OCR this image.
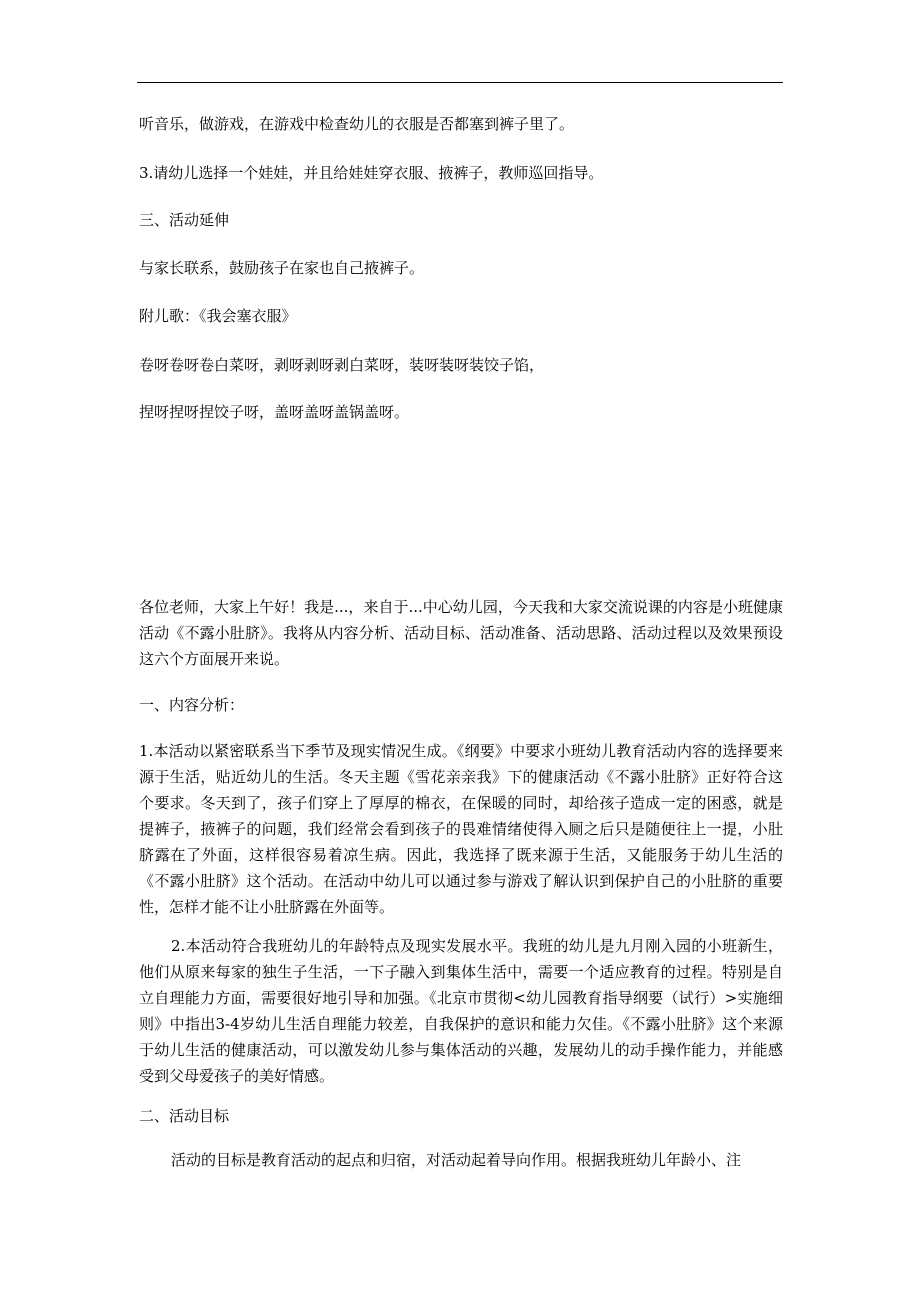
听音乐，做游戏，在游戏中检查幼儿的衣服是否都塞到裤子里了。
3.请幼儿选择一个娃娃，并且给娃娃穿衣服、掖裤子，教师巡回指导。
三、活动延伸
与家长联系，鼓励孩子在家也自己掖裤子。
附儿歌：《我会塞衣服》
卷呀卷呀卷白菜呀，剥呀剥呀剥白菜呀，装呀装呀装饺子馅，
捏呀捏呀捏饺子呀，盖呀盖呀盖锅盖呀。
各位老师，大家上午好！我是...，来自于...中心幼儿园，今天我和大家交流说课的内容是小班健康活动《不露小肚脐》。我将从内容分析、活动目标、活动准备、活动思路、活动过程以及效果预设这六个方面展开来说。
一、内容分析：
1.本活动以紧密联系当下季节及现实情况生成。《纲要》中要求小班幼儿教育活动内容的选择要来源于生活，贴近幼儿的生活。冬天主题《雪花亲亲我》下的健康活动《不露小肚脐》正好符合这个要求。冬天到了，孩子们穿上了厚厚的棉衣，在保暖的同时，却给孩子造成一定的困惑，就是提裤子，掖裤子的问题，我们经常会看到孩子的畏难情绪使得入厕之后只是随便往上一提，小肚脐露在了外面，这样很容易着凉生病。因此，我选择了既来源于生活，又能服务于幼儿生活的《不露小肚脐》这个活动。在活动中幼儿可以通过参与游戏了解认识到保护自己的小肚脐的重要性，怎样才能不让小肚脐露在外面等。
2.本活动符合我班幼儿的年龄特点及现实发展水平。我班的幼儿是九月刚入园的小班新生，他们从原来每家的独生子生活，一下子融入到集体生活中，需要一个适应教育的过程。特别是自立自理能力方面，需要很好地引导和加强。《北京市贯彻<幼儿园教育指导纲要（试行）>实施细则》中指出3-4岁幼儿生活自理能力较差，自我保护的意识和能力欠佳。《不露小肚脐》这个来源于幼儿生活的健康活动，可以激发幼儿参与集体活动的兴趣，发展幼儿的动手操作能力，并能感受到父母爱孩子的美好情感。
二、活动目标
活动的目标是教育活动的起点和归宿，对活动起着导向作用。根据我班幼儿年龄小、注
